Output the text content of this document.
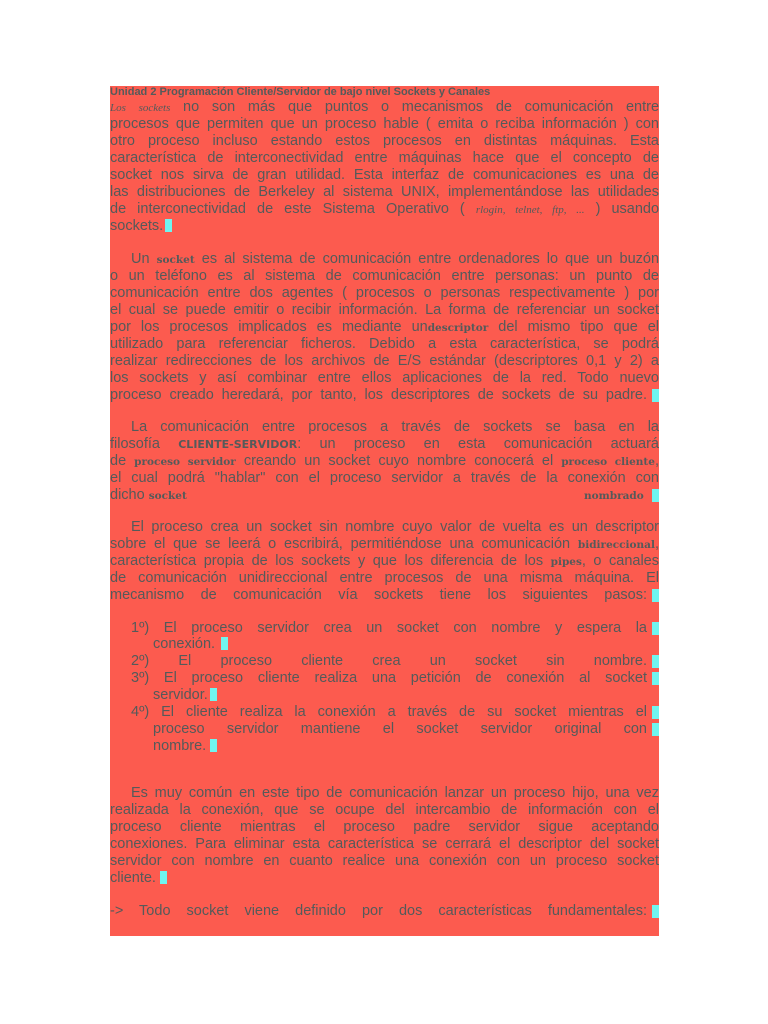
Unidad 2 Programación Cliente/Servidor de bajo nivel Sockets y Canales
Los sockets no son más que puntos o mecanismos de comunicación entre
procesos que permiten que un proceso hable ( emita o reciba información ) con
otro proceso incluso estando estos procesos en distintas máquinas. Esta
característica de interconectividad entre máquinas hace que el concepto de
socket nos sirva de gran utilidad. Esta interfaz de comunicaciones es una de
las distribuciones de Berkeley al sistema UNIX, implementándose las utilidades
de interconectividad de este Sistema Operativo ( rlogin, telnet, ftp, ... ) usando
sockets.
Un socket es al sistema de comunicación entre ordenadores lo que un buzón
o un teléfono es al sistema de comunicación entre personas: un punto de
comunicación entre dos agentes ( procesos o personas respectivamente ) por
el cual se puede emitir o recibir información. La forma de referenciar un socket
por los procesos implicados es mediante undescriptor del mismo tipo que el
utilizado para referenciar ficheros. Debido a esta característica, se podrá
realizar redirecciones de los archivos de E/S estándar (descriptores 0,1 y 2) a
los sockets y así combinar entre ellos aplicaciones de la red. Todo nuevo
proceso creado heredará, por tanto, los descriptores de sockets de su padre.
La comunicación entre procesos a través de sockets se basa en la
filosofía CLIENTE-SERVIDOR: un proceso en esta comunicación actuará
de proceso servidor creando un socket cuyo nombre conocerá el proceso cliente,
el cual podrá "hablar" con el proceso servidor a través de la conexión con
dicho socket	nombrado
El proceso crea un socket sin nombre cuyo valor de vuelta es un descriptor
sobre el que se leerá o escribirá, permitiéndose una comunicación bidireccional,
característica propia de los sockets y que los diferencia de los pipes, o canales
de comunicación unidireccional entre procesos de una misma máquina. El
mecanismo de comunicación vía sockets tiene los siguientes pasos:
1º) El proceso servidor crea un socket con nombre y espera la
conexión.
2º) El proceso cliente crea un socket sin nombre.
3º) El proceso cliente realiza una petición de conexión al socket
servidor.
4º) El cliente realiza la conexión a través de su socket mientras el
proceso servidor mantiene el socket servidor original con
nombre.
Es muy común en este tipo de comunicación lanzar un proceso hijo, una vez
realizada la conexión, que se ocupe del intercambio de información con el
proceso cliente mientras el proceso padre servidor sigue aceptando
conexiones. Para eliminar esta característica se cerrará el descriptor del socket
servidor con nombre en cuanto realice una conexión con un proceso socket
cliente.
-> Todo socket viene definido por dos características fundamentales:
